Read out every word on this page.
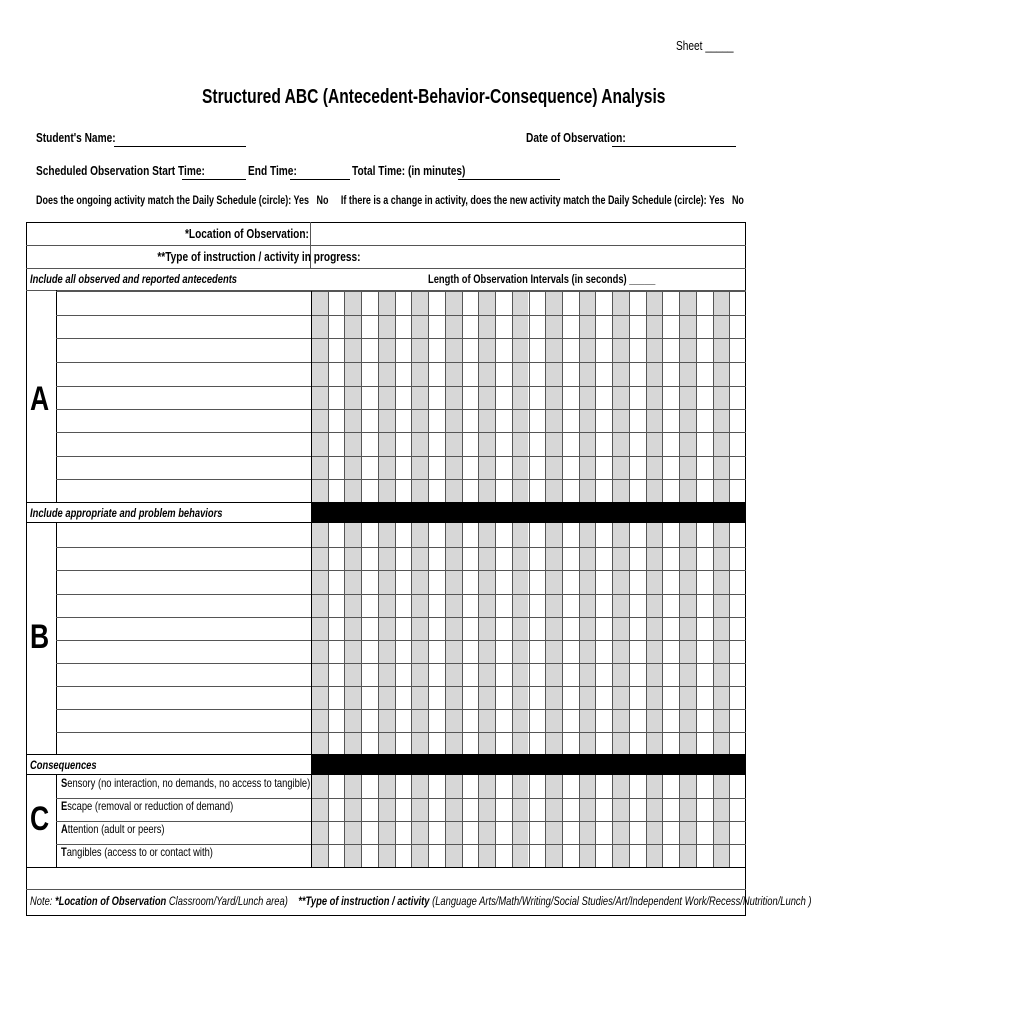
Sheet _____
Structured ABC (Antecedent-Behavior-Consequence) Analysis
Student's Name:	Date of Observation:
Scheduled Observation Start Time:	End Time:	Total Time: (in minutes)
Does the ongoing activity match the Daily Schedule (circle): Yes No If there is a change in activity, does the new activity match the Daily Schedule (circle): Yes No
*Location of Observation:
**Type of instruction / activity in progress:
Include all observed and reported antecedents	Length of Observation Intervals (in seconds) _____
A
Include appropriate and problem behaviors
B
Consequences
C
Sensory (no interaction, no demands, no access to tangible)
Escape (removal or reduction of demand)
Attention (adult or peers)
Tangibles (access to or contact with)
Note: *Location of Observation Classroom/Yard/Lunch area) **Type of instruction / activity (Language Arts/Math/Writing/Social Studies/Art/Independent Work/Recess/Nutrition/Lunch )
